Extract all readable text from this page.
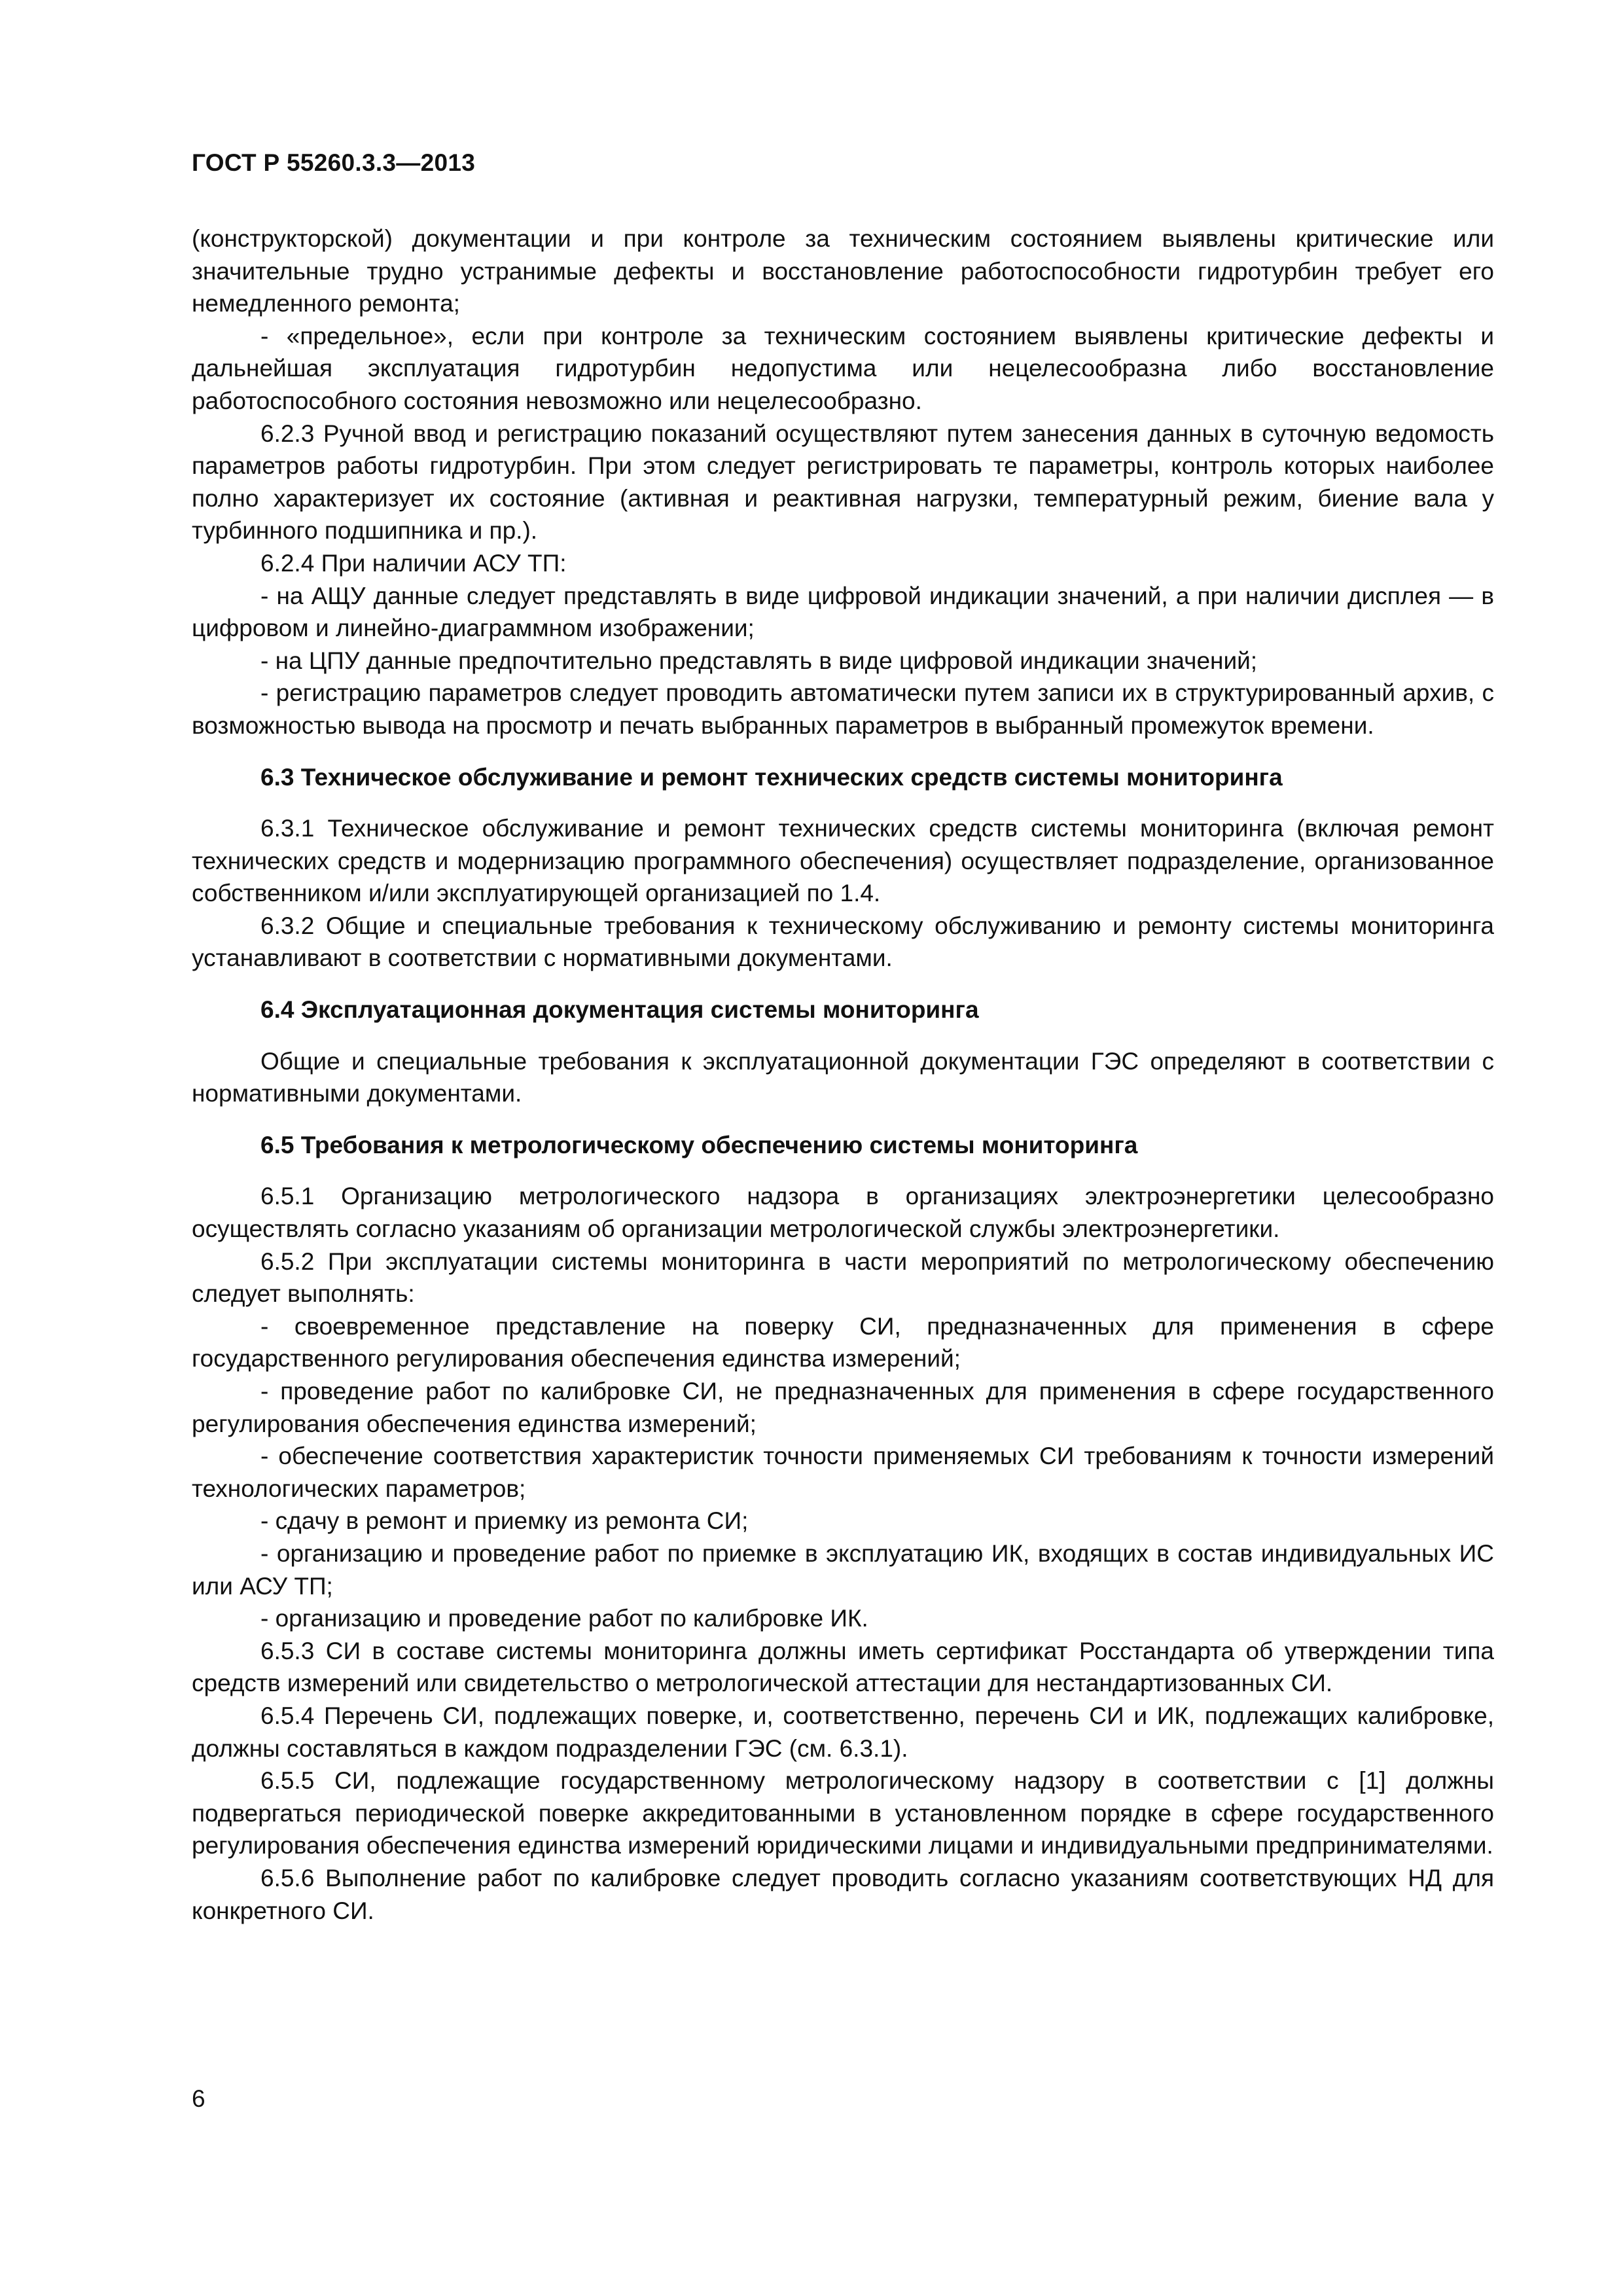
ГОСТ Р 55260.3.3—2013

(конструкторской) документации и при контроле за техническим состоянием выявлены критические или значительные трудно устранимые дефекты и восстановление работоспособности гидротурбин требует его немедленного ремонта;

- «предельное», если при контроле за техническим состоянием выявлены критические дефекты и дальнейшая эксплуатация гидротурбин недопустима или нецелесообразна либо восстановление работоспособного состояния невозможно или нецелесообразно.

6.2.3 Ручной ввод и регистрацию показаний осуществляют путем занесения данных в суточную ведомость параметров работы гидротурбин. При этом следует регистрировать те параметры, контроль которых наиболее полно характеризует их состояние (активная и реактивная нагрузки, температурный режим, биение вала у турбинного подшипника и пр.).

6.2.4 При наличии АСУ ТП:

- на АЩУ данные следует представлять в виде цифровой индикации значений, а при наличии дисплея — в цифровом и линейно-диаграммном изображении;

- на ЦПУ данные предпочтительно представлять в виде цифровой индикации значений;

- регистрацию параметров следует проводить автоматически путем записи их в структурированный архив, с возможностью вывода на просмотр и печать выбранных параметров в выбранный промежуток времени.

6.3 Техническое обслуживание и ремонт технических средств системы мониторинга

6.3.1 Техническое обслуживание и ремонт технических средств системы мониторинга (включая ремонт технических средств и модернизацию программного обеспечения) осуществляет подразделение, организованное собственником и/или эксплуатирующей организацией по 1.4.

6.3.2 Общие и специальные требования к техническому обслуживанию и ремонту системы мониторинга устанавливают в соответствии с нормативными документами.

6.4 Эксплуатационная документация системы мониторинга

Общие и специальные требования к эксплуатационной документации ГЭС определяют в соответствии с нормативными документами.

6.5 Требования к метрологическому обеспечению системы мониторинга

6.5.1 Организацию метрологического надзора в организациях электроэнергетики целесообразно осуществлять согласно указаниям об организации метрологической службы электроэнергетики.

6.5.2 При эксплуатации системы мониторинга в части мероприятий по метрологическому обеспечению следует выполнять:

- своевременное представление на поверку СИ, предназначенных для применения в сфере государственного регулирования обеспечения единства измерений;

- проведение работ по калибровке СИ, не предназначенных для применения в сфере государственного регулирования обеспечения единства измерений;

- обеспечение соответствия характеристик точности применяемых СИ требованиям к точности измерений технологических параметров;

- сдачу в ремонт и приемку из ремонта СИ;

- организацию и проведение работ по приемке в эксплуатацию ИК, входящих в состав индивидуальных ИС или АСУ ТП;

- организацию и проведение работ по калибровке ИК.

6.5.3 СИ в составе системы мониторинга должны иметь сертификат Росстандарта об утверждении типа средств измерений или свидетельство о метрологической аттестации для нестандартизованных СИ.

6.5.4 Перечень СИ, подлежащих поверке, и, соответственно, перечень СИ и ИК, подлежащих калибровке, должны составляться в каждом подразделении ГЭС (см. 6.3.1).

6.5.5 СИ, подлежащие государственному метрологическому надзору в соответствии с [1] должны подвергаться периодической поверке аккредитованными в установленном порядке в сфере государственного регулирования обеспечения единства измерений юридическими лицами и индивидуальными предпринимателями.

6.5.6 Выполнение работ по калибровке следует проводить согласно указаниям соответствующих НД для конкретного СИ.

6
